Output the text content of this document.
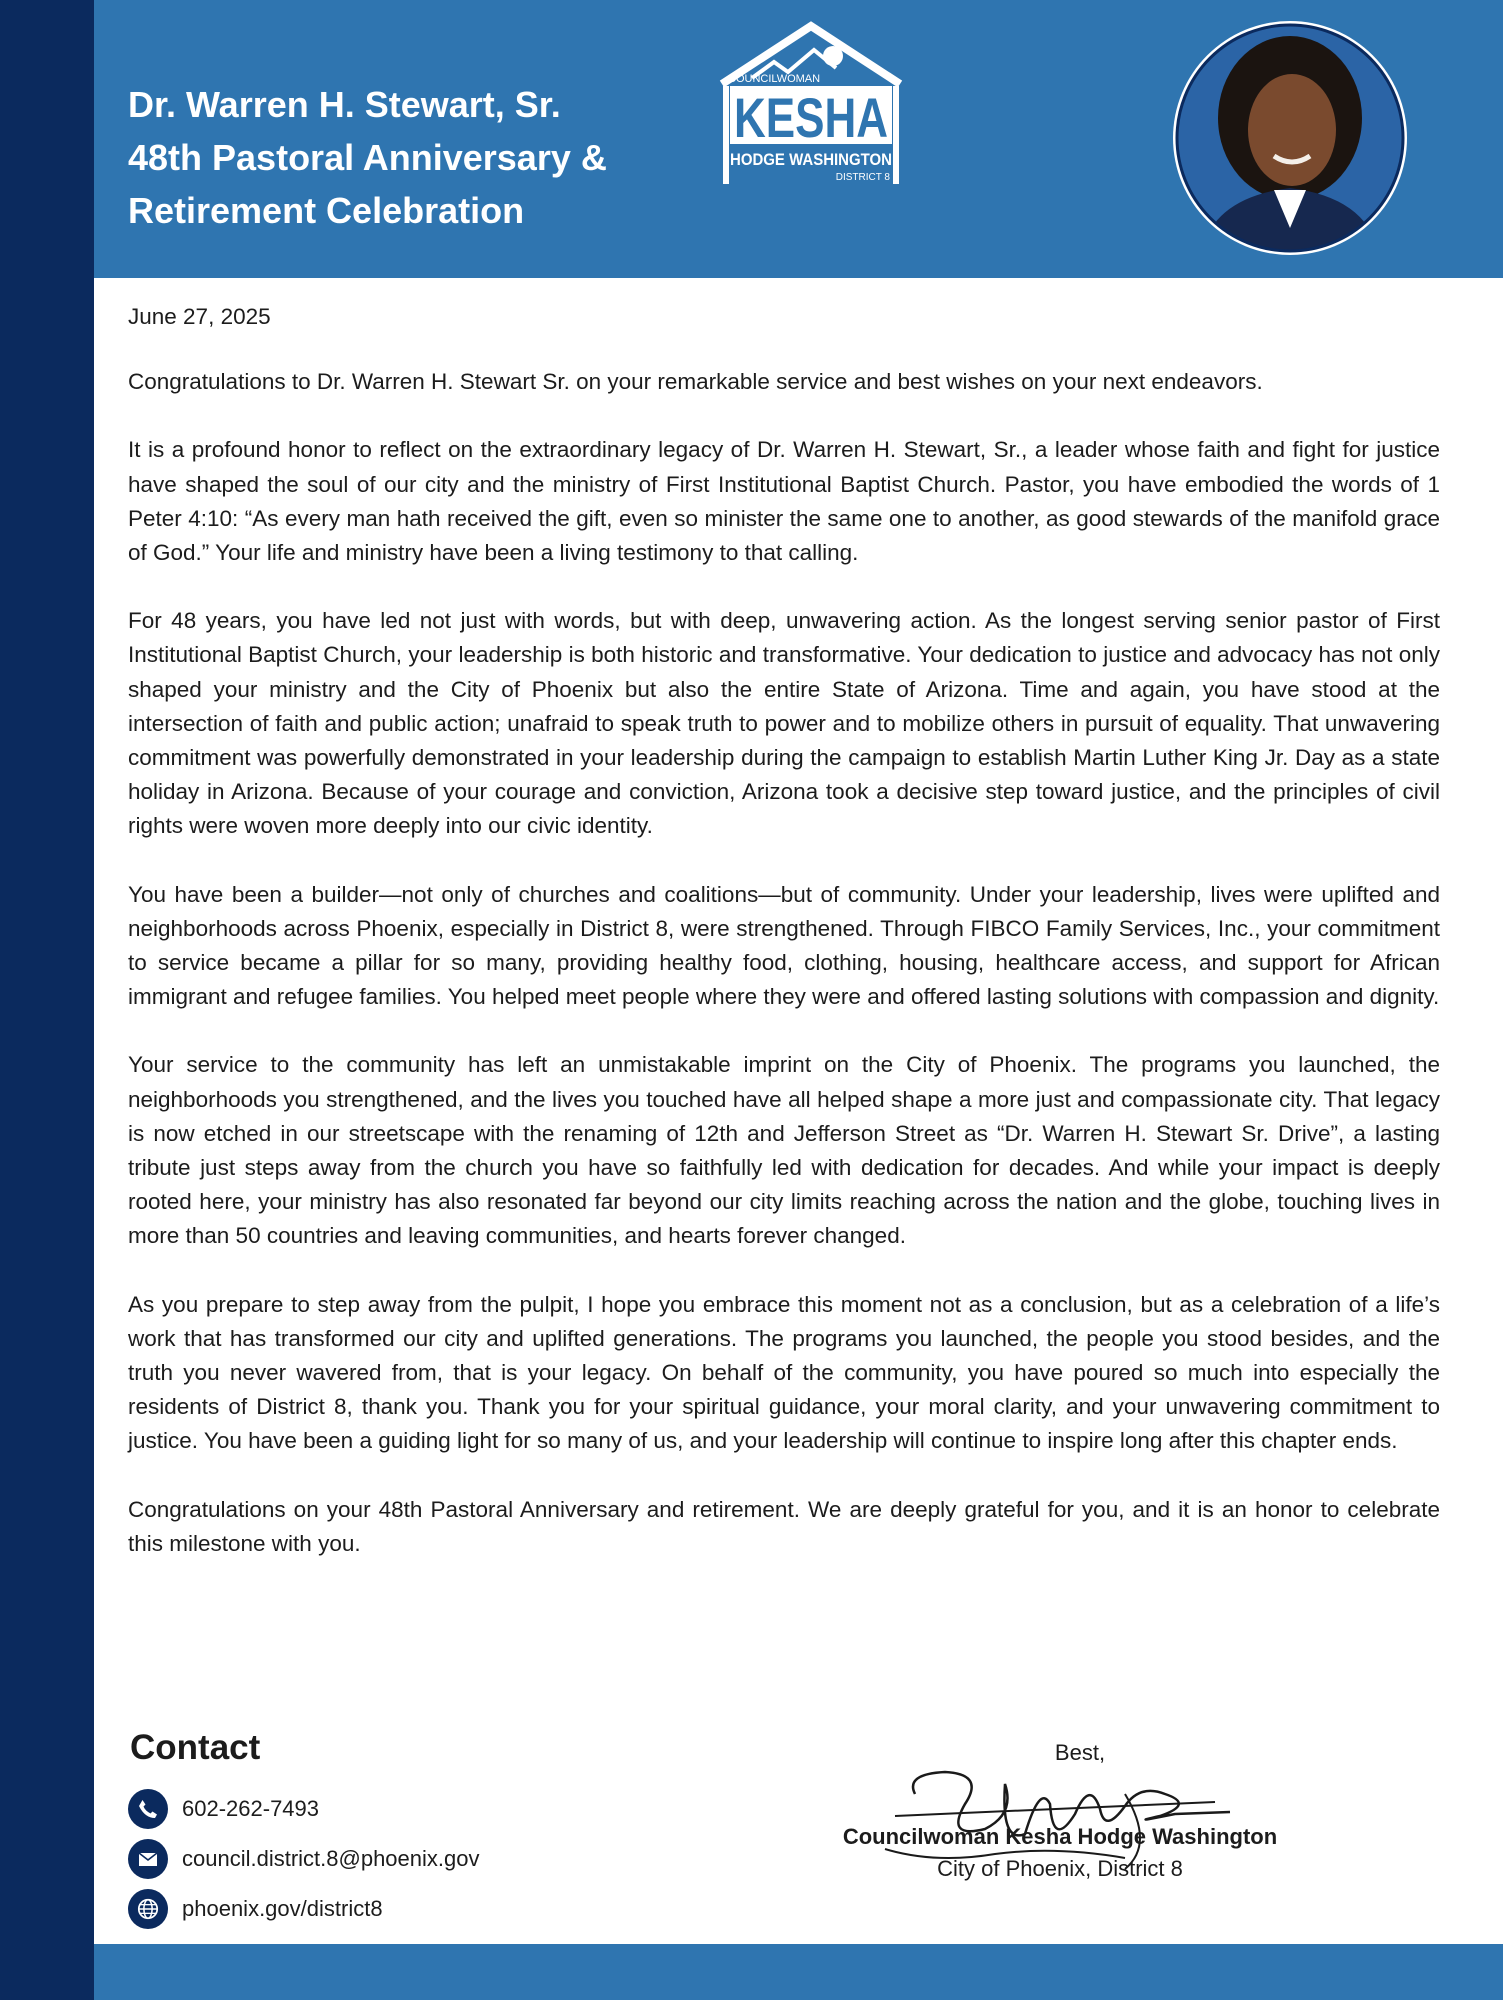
Dr. Warren H. Stewart, Sr.
48th Pastoral Anniversary &
Retirement Celebration
COUNCILWOMAN
KESHA
HODGE WASHINGTON
DISTRICT 8

June 27, 2025

Congratulations to Dr. Warren H. Stewart Sr. on your remarkable service and best wishes on your next endeavors.

It is a profound honor to reflect on the extraordinary legacy of Dr. Warren H. Stewart, Sr., a leader whose faith and fight for justice have shaped the soul of our city and the ministry of First Institutional Baptist Church. Pastor, you have embodied the words of 1 Peter 4:10: “As every man hath received the gift, even so minister the same one to another, as good stewards of the manifold grace of God.” Your life and ministry have been a living testimony to that calling.

For 48 years, you have led not just with words, but with deep, unwavering action. As the longest serving senior pastor of First Institutional Baptist Church, your leadership is both historic and transformative. Your dedication to justice and advocacy has not only shaped your ministry and the City of Phoenix but also the entire State of Arizona. Time and again, you have stood at the intersection of faith and public action; unafraid to speak truth to power and to mobilize others in pursuit of equality. That unwavering commitment was powerfully demonstrated in your leadership during the campaign to establish Martin Luther King Jr. Day as a state holiday in Arizona. Because of your courage and conviction, Arizona took a decisive step toward justice, and the principles of civil rights were woven more deeply into our civic identity.

You have been a builder—not only of churches and coalitions—but of community. Under your leadership, lives were uplifted and neighborhoods across Phoenix, especially in District 8, were strengthened. Through FIBCO Family Services, Inc., your commitment to service became a pillar for so many, providing healthy food, clothing, housing, healthcare access, and support for African immigrant and refugee families. You helped meet people where they were and offered lasting solutions with compassion and dignity.

Your service to the community has left an unmistakable imprint on the City of Phoenix. The programs you launched, the neighborhoods you strengthened, and the lives you touched have all helped shape a more just and compassionate city. That legacy is now etched in our streetscape with the renaming of 12th and Jefferson Street as “Dr. Warren H. Stewart Sr. Drive”, a lasting tribute just steps away from the church you have so faithfully led with dedication for decades. And while your impact is deeply rooted here, your ministry has also resonated far beyond our city limits reaching across the nation and the globe, touching lives in more than 50 countries and leaving communities, and hearts forever changed.

As you prepare to step away from the pulpit, I hope you embrace this moment not as a conclusion, but as a celebration of a life’s work that has transformed our city and uplifted generations. The programs you launched, the people you stood besides, and the truth you never wavered from, that is your legacy. On behalf of the community, you have poured so much into especially the residents of District 8, thank you. Thank you for your spiritual guidance, your moral clarity, and your unwavering commitment to justice. You have been a guiding light for so many of us, and your leadership will continue to inspire long after this chapter ends.

Congratulations on your 48th Pastoral Anniversary and retirement. We are deeply grateful for you, and it is an honor to celebrate this milestone with you.

Contact
602-262-7493
council.district.8@phoenix.gov
phoenix.gov/district8
Best,
Councilwoman Kesha Hodge Washington
City of Phoenix, District 8
